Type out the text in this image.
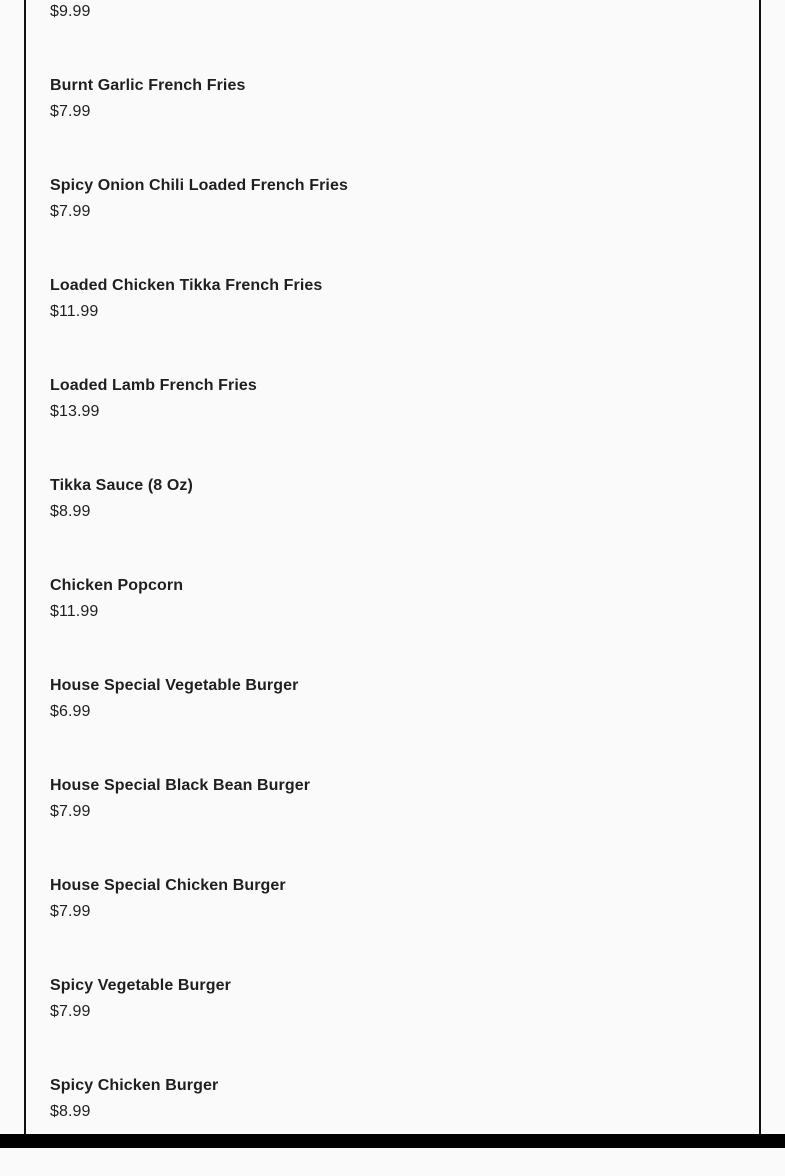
$9.99
Burnt Garlic French Fries
$7.99
Spicy Onion Chili Loaded French Fries
$7.99
Loaded Chicken Tikka French Fries
$11.99
Loaded Lamb French Fries
$13.99
Tikka Sauce (8 Oz)
$8.99
Chicken Popcorn
$11.99
House Special Vegetable Burger
$6.99
House Special Black Bean Burger
$7.99
House Special Chicken Burger
$7.99
Spicy Vegetable Burger
$7.99
Spicy Chicken Burger
$8.99
